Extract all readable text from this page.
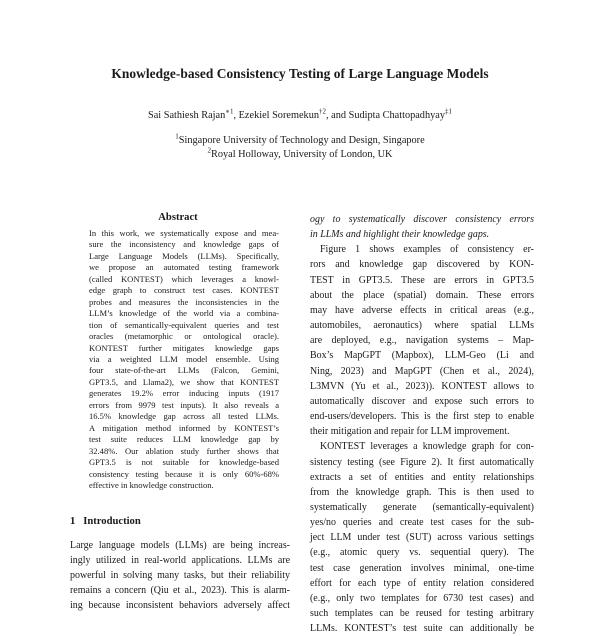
Knowledge-based Consistency Testing of Large Language Models
Sai Sathiesh Rajan$^{∗1}$, Ezekiel Soremekun$^{\dagger 2}$, and Sudipta Chattopadhyay$^{\ddagger 1}$
$^1$Singapore University of Technology and Design, Singapore
$^2$Royal Holloway, University of London, UK
Abstract
In this work, we systematically expose and mea-
sure the inconsistency and knowledge gaps of
Large Language Models (LLMs). Specifically,
we propose an automated testing framework
(called KONTEST) which leverages a knowl-
edge graph to construct test cases. KONTEST
probes and measures the inconsistencies in the
LLM’s knowledge of the world via a combina-
tion of semantically-equivalent queries and test
oracles (metamorphic or ontological oracle).
KONTEST further mitigates knowledge gaps
via a weighted LLM model ensemble. Using
four state-of-the-art LLMs (Falcon, Gemini,
GPT3.5, and Llama2), we show that KONTEST
generates 19.2% error inducing inputs (1917
errors from 9979 test inputs). It also reveals a
16.5% knowledge gap across all tested LLMs.
A mitigation method informed by KONTEST’s
test suite reduces LLM knowledge gap by
32.48%. Our ablation study further shows that
GPT3.5 is not suitable for knowledge-based
consistency testing because it is only 60%-68%
effective in knowledge construction.
1 Introduction
Large language models (LLMs) are being increas-
ingly utilized in real-world applications. LLMs are
powerful in solving many tasks, but their reliability
remains a concern (Qiu et al., 2023). This is alarm-
ing because inconsistent behaviors adversely affect
ogy to systematically discover consistency errors
in LLMs and highlight their knowledge gaps.
Figure 1 shows examples of consistency er-
rors and knowledge gap discovered by KON-
TEST in GPT3.5. These are errors in GPT3.5
about the place (spatial) domain. These errors
may have adverse effects in critical areas (e.g.,
automobiles, aeronautics) where spatial LLMs
are deployed, e.g., navigation systems – Map-
Box’s MapGPT (Mapbox), LLM-Geo (Li and
Ning, 2023) and MapGPT (Chen et al., 2024),
L3MVN (Yu et al., 2023)). KONTEST allows to
automatically discover and expose such errors to
end-users/developers. This is the first step to enable
their mitigation and repair for LLM improvement.
KONTEST leverages a knowledge graph for con-
sistency testing (see Figure 2). It first automatically
extracts a set of entities and entity relationships
from the knowledge graph. This is then used to
systematically generate (semantically-equivalent)
yes/no queries and create test cases for the sub-
ject LLM under test (SUT) across various settings
(e.g., atomic query vs. sequential query). The
test case generation involves minimal, one-time
effort for each type of entity relation considered
(e.g., only two templates for 6730 test cases) and
such templates can be reused for testing arbitrary
LLMs. KONTEST’s test suite can additionally be
